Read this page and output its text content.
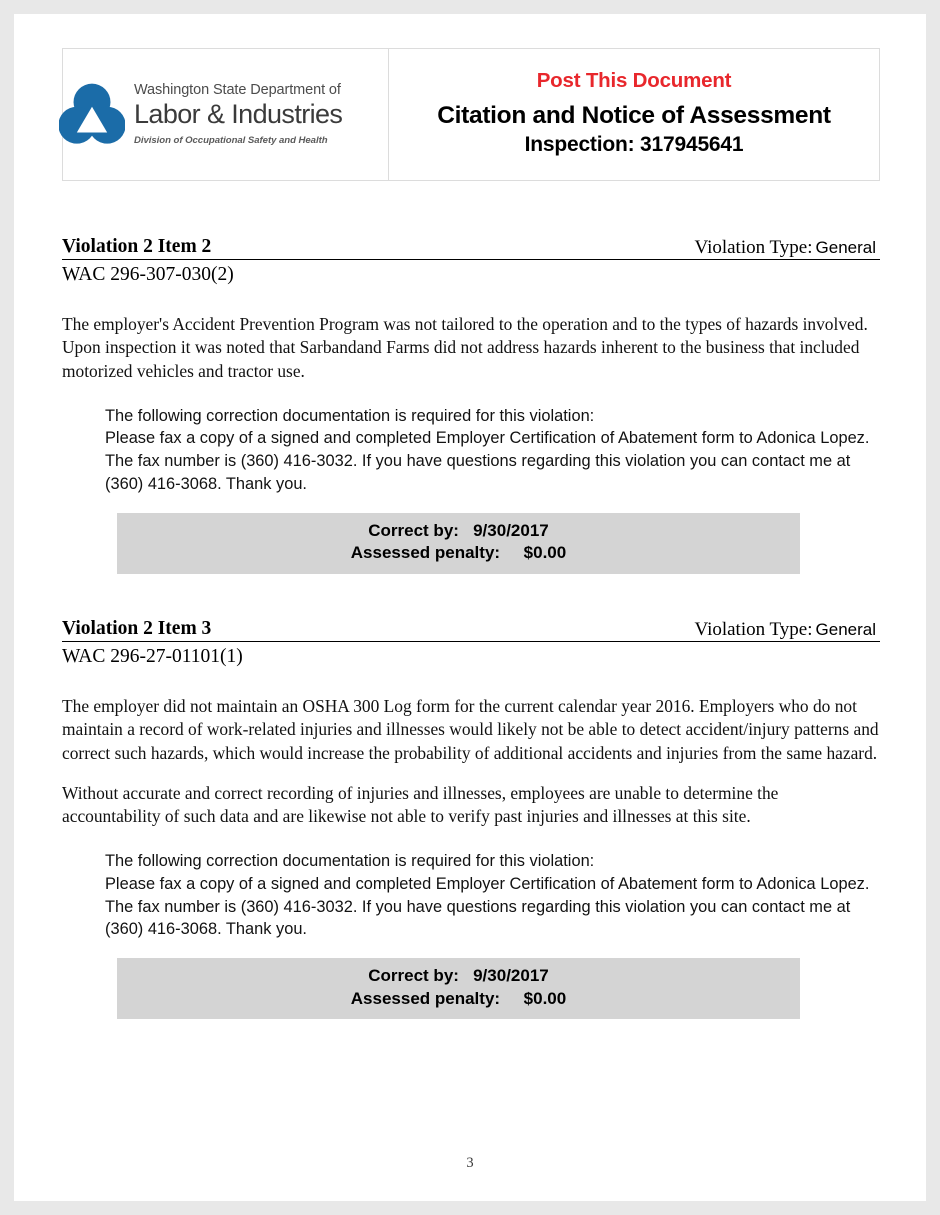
Washington State Department of Labor & Industries Division of Occupational Safety and Health
Post This Document
Citation and Notice of Assessment
Inspection: 317945641
Violation 2 Item 2	Violation Type: General
WAC 296-307-030(2)

The employer's Accident Prevention Program was not tailored to the operation and to the types of hazards involved. Upon inspection it was noted that Sarbandand Farms did not address hazards inherent to the business that included motorized vehicles and tractor use.

The following correction documentation is required for this violation:
Please fax a copy of a signed and completed Employer Certification of Abatement form to Adonica Lopez. The fax number is (360) 416-3032. If you have questions regarding this violation you can contact me at (360) 416-3068. Thank you.
Correct by:   9/30/2017
Assessed penalty:     $0.00
Violation 2 Item 3	Violation Type: General
WAC 296-27-01101(1)

The employer did not maintain an OSHA 300 Log form for the current calendar year 2016. Employers who do not maintain a record of work-related injuries and illnesses would likely not be able to detect accident/injury patterns and correct such hazards, which would increase the probability of additional accidents and injuries from the same hazard.

Without accurate and correct recording of injuries and illnesses, employees are unable to determine the accountability of such data and are likewise not able to verify past injuries and illnesses at this site.

The following correction documentation is required for this violation:
Please fax a copy of a signed and completed Employer Certification of Abatement form to Adonica Lopez. The fax number is (360) 416-3032. If you have questions regarding this violation you can contact me at (360) 416-3068. Thank you.
Correct by:   9/30/2017
Assessed penalty:     $0.00
3
